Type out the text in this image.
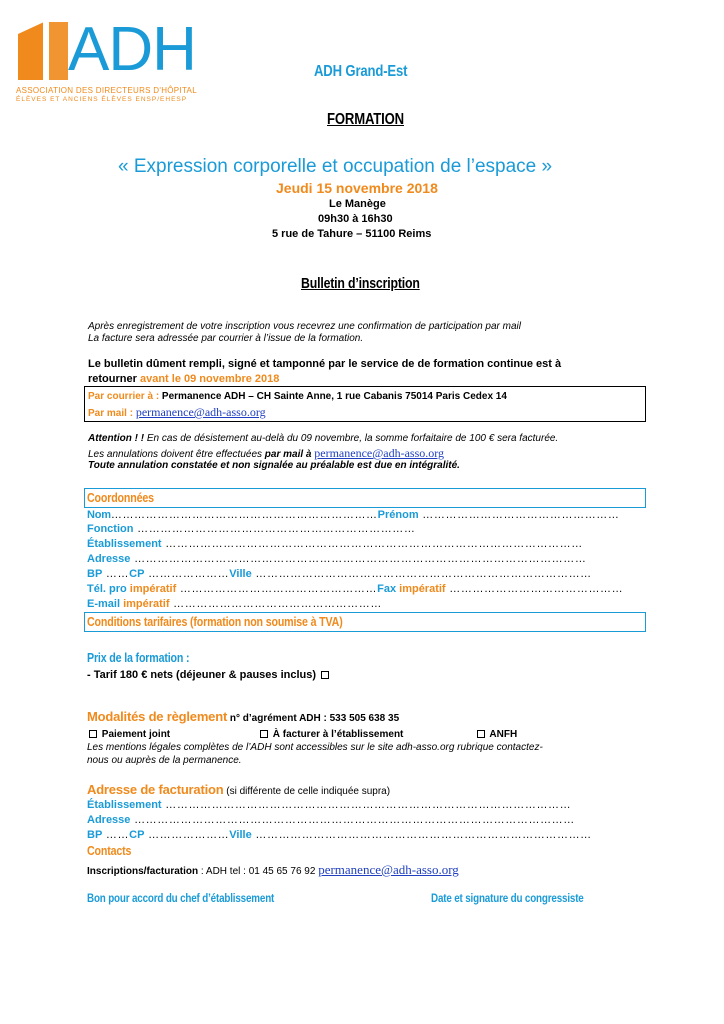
ADH
ASSOCIATION DES DIRECTEURS D'HÔPITAL
ÉLÈVES ET ANCIENS ÉLÈVES ENSP/EHESP
ADH Grand-Est
FORMATION
« Expression corporelle et occupation de l’espace »
Jeudi 15 novembre 2018
Le Manège
09h30 à 16h30
5 rue de Tahure – 51100 Reims
Bulletin d’inscription
Après enregistrement de votre inscription vous recevrez une confirmation de participation par mail
La facture sera adressée par courrier à l’issue de la formation.
Le bulletin dûment rempli, signé et tamponné par le service de de formation continue est à
retourner avant le 09 novembre 2018
Par courrier à : Permanence ADH – CH Sainte Anne, 1 rue Cabanis 75014 Paris Cedex 14
Par mail : permanence@adh-asso.org
Attention ! ! En cas de désistement au-delà du 09 novembre, la somme forfaitaire de 100 € sera facturée.
Les annulations doivent être effectuées par mail à permanence@adh-asso.org
Toute annulation constatée et non signalée au préalable est due en intégralité.
Coordonnées
Nom……………………………………………………………Prénom ……………………………………………
Fonction ………………………………………………………………
Établissement ………………………………………………………………………………………………
Adresse ………………………………………………………………………………………………………
BP ……CP …………………Ville ……………………………………………………………………………
Tél. pro impératif ……………………………………………Fax impératif ………………………………………
E-mail impératif ………………………………………………
Conditions tarifaires (formation non soumise à TVA)
Prix de la formation :
- Tarif 180 € nets (déjeuner & pauses inclus)
Modalités de règlement n° d’agrément ADH : 533 505 638 35
Paiement joint	À facturer à l’établissement	ANFH
Les mentions légales complètes de l’ADH sont accessibles sur le site adh-asso.org rubrique contactez-
nous ou auprès de la permanence.
Adresse de facturation (si différente de celle indiquée supra)
Établissement ……………………………………………………………………………………………
Adresse ……………………………………………………………………………………………………
BP ……CP …………………Ville ……………………………………………………………………………
Contacts
Inscriptions/facturation : ADH tel : 01 45 65 76 92 permanence@adh-asso.org
Bon pour accord du chef d’établissement	Date et signature du congressiste
